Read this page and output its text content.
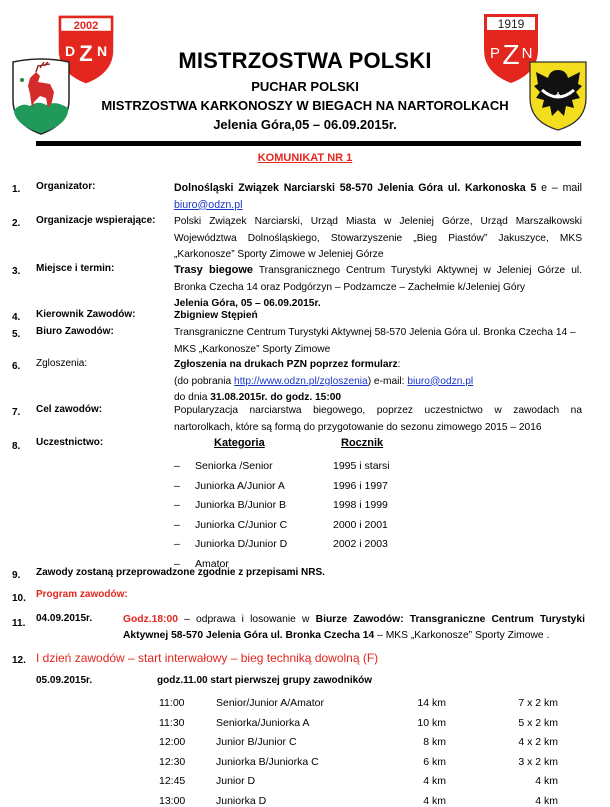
2002
D Z N
1919
P Z N
MISTRZOSTWA POLSKI
PUCHAR POLSKI
MISTRZOSTWA KARKONOSZY W BIEGACH NA NARTOROLKACH
Jelenia Góra,05 – 06.09.2015r.
KOMUNIKAT NR 1
1. Organizator:	Dolnośląski Związek Narciarski 58-570 Jelenia Góra ul. Karkonoska 5 e – mail biuro@odzn.pl
2. Organizacje wspierające: Polski Związek Narciarski, Urząd Miasta w Jeleniej Górze, Urząd Marszałkowski Województwa Dolnośląskiego, Stowarzyszenie „Bieg Piastów” Jakuszyce, MKS „Karkonosze” Sporty Zimowe w Jeleniej Górze
3. Miejsce i termin:	Trasy biegowe Transgranicznego Centrum Turystyki Aktywnej w Jeleniej Górze ul. Bronka Czecha 14 oraz Podgórzyn – Podzamcze – Zachełmie k/Jeleniej Góry
Jelenia Góra, 05 – 06.09.2015r.
4. Kierownik Zawodów:	Zbigniew Stępień
5. Biuro Zawodów:	Transgraniczne Centrum Turystyki Aktywnej 58-570 Jelenia Góra ul. Bronka Czecha 14 – MKS „Karkonosze” Sporty Zimowe
6. Zgloszenia:	Zgłoszenia na drukach PZN poprzez formularz:
(do pobrania http://www.odzn.pl/zgloszenia) e-mail: biuro@odzn.pl
do dnia 31.08.2015r. do godz. 15:00
7. Cel zawodów:	Popularyzacja narciarstwa biegowego, poprzez uczestnictwo w zawodach na nartorolkach, które są formą do przygotowanie do sezonu zimowego 2015 – 2016
8. Uczestnictwo:	Kategoria	Rocznik
– Seniorka /Senior	1995 i starsi
– Juniorka A/Junior A	1996 i 1997
– Juniorka B/Junior B	1998 i 1999
– Juniorka C/Junior C	2000 i 2001
– Juniorka D/Junior D	2002 i 2003
– Amator
9. Zawody zostaną przeprowadzone zgodnie z przepisami NRS.
10. Program zawodów:
11. 04.09.2015r.	Godz.18:00 – odprawa i losowanie w Biurze Zawodów: Transgraniczne Centrum Turystyki Aktywnej 58-570 Jelenia Góra ul. Bronka Czecha 14 – MKS „Karkonosze” Sporty Zimowe .
12. I dzień zawodów – start interwałowy – bieg techniką dowolną (F)
05.09.2015r.	godz.11.00 start pierwszej grupy zawodników
11:00	Senior/Junior A/Amator	14 km	7 x 2 km
11:30	Seniorka/Juniorka A	10 km	5 x 2 km
12:00	Junior B/Junior C	8 km	4 x 2 km
12:30	Juniorka B/Juniorka C	6 km	3 x 2 km
12:45	Junior D	4 km	4 km
13:00	Juniorka D	4 km	4 km
